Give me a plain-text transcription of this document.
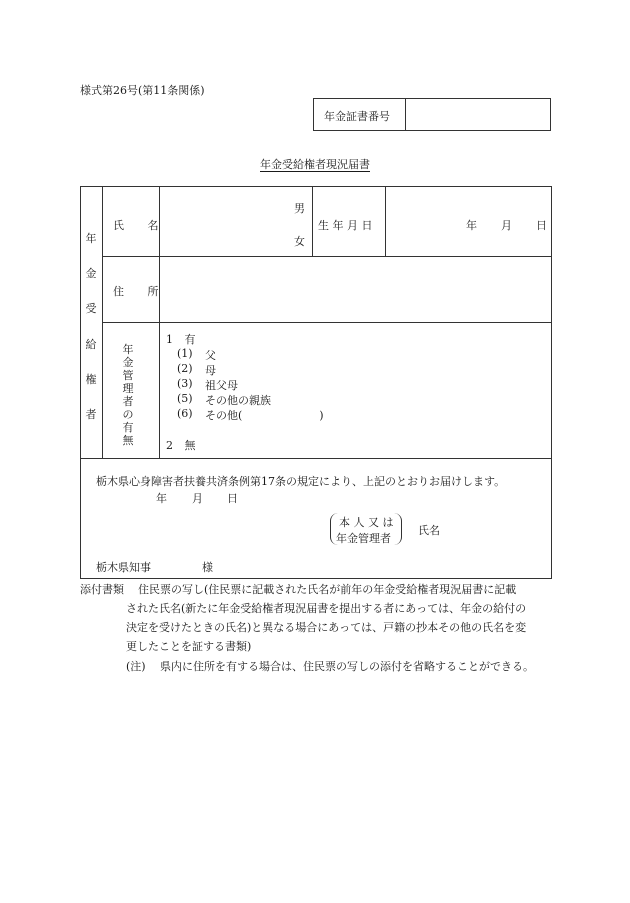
様式第26号(第11条関係)
年金証書番号
年金受給権者現況届書
年
金
受
給
権
者
氏 名
男
女
生 年 月 日	年 月 日
住 所
年
金
管
理
者
の
有
無
1 有
(1) 父
(2) 母
(3) 祖父母
(5) その他の親族
(6) その他(　　　　　　　)
2 無
栃木県心身障害者扶養共済条例第17条の規定により、上記のとおりお届けします。
年 月 日
本 人 又 は
年金管理者
氏名
栃木県知事	様
添付書類 住民票の写し(住民票に記載された氏名が前年の年金受給権者現況届書に記載
された氏名(新たに年金受給権者現況届書を提出する者にあっては、年金の給付の
決定を受けたときの氏名)と異なる場合にあっては、戸籍の抄本その他の氏名を変
更したことを証する書類)
(注) 県内に住所を有する場合は、住民票の写しの添付を省略することができる。
